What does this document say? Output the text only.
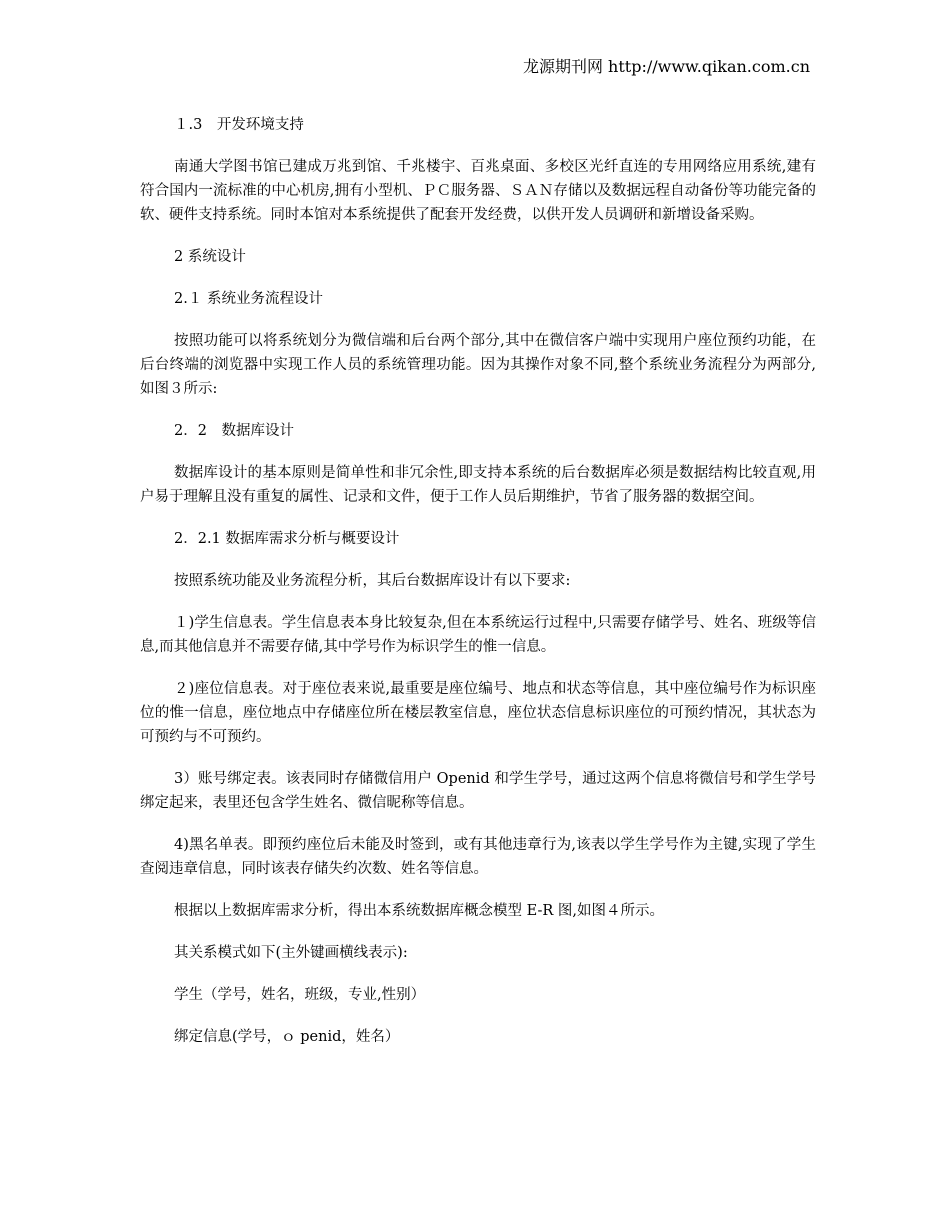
龙源期刊网 http://www.qikan.com.cn
１.3　开发环境支持

南通大学图书馆已建成万兆到馆、千兆楼宇、百兆桌面、多校区光纤直连的专用网络应用系统,建有符合国内一流标准的中心机房,拥有小型机、ＰＣ服务器、ＳＡＮ存储以及数据远程自动备份等功能完备的软、硬件支持系统。同时本馆对本系统提供了配套开发经费，以供开发人员调研和新增设备采购。

2 系统设计
2.１ 系统业务流程设计

按照功能可以将系统划分为微信端和后台两个部分,其中在微信客户端中实现用户座位预约功能，在后台终端的浏览器中实现工作人员的系统管理功能。因为其操作对象不同,整个系统业务流程分为两部分,如图３所示:

2．2　数据库设计

数据库设计的基本原则是简单性和非冗余性,即支持本系统的后台数据库必须是数据结构比较直观,用户易于理解且没有重复的属性、记录和文件，便于工作人员后期维护，节省了服务器的数据空间。

2．2.1 数据库需求分析与概要设计

按照系统功能及业务流程分析，其后台数据库设计有以下要求:

１)学生信息表。学生信息表本身比较复杂,但在本系统运行过程中,只需要存储学号、姓名、班级等信息,而其他信息并不需要存储,其中学号作为标识学生的惟一信息。

２)座位信息表。对于座位表来说,最重要是座位编号、地点和状态等信息，其中座位编号作为标识座位的惟一信息，座位地点中存储座位所在楼层教室信息，座位状态信息标识座位的可预约情况，其状态为可预约与不可预约。

3）账号绑定表。该表同时存储微信用户 Openid 和学生学号，通过这两个信息将微信号和学生学号绑定起来，表里还包含学生姓名、微信昵称等信息。

4)黑名单表。即预约座位后未能及时签到，或有其他违章行为,该表以学生学号作为主键,实现了学生查阅违章信息，同时该表存储失约次数、姓名等信息。

根据以上数据库需求分析，得出本系统数据库概念模型 E-R 图,如图４所示。

其关系模式如下(主外键画横线表示):

学生（学号，姓名，班级，专业,性别）

绑定信息(学号，ｏ penid，姓名）
